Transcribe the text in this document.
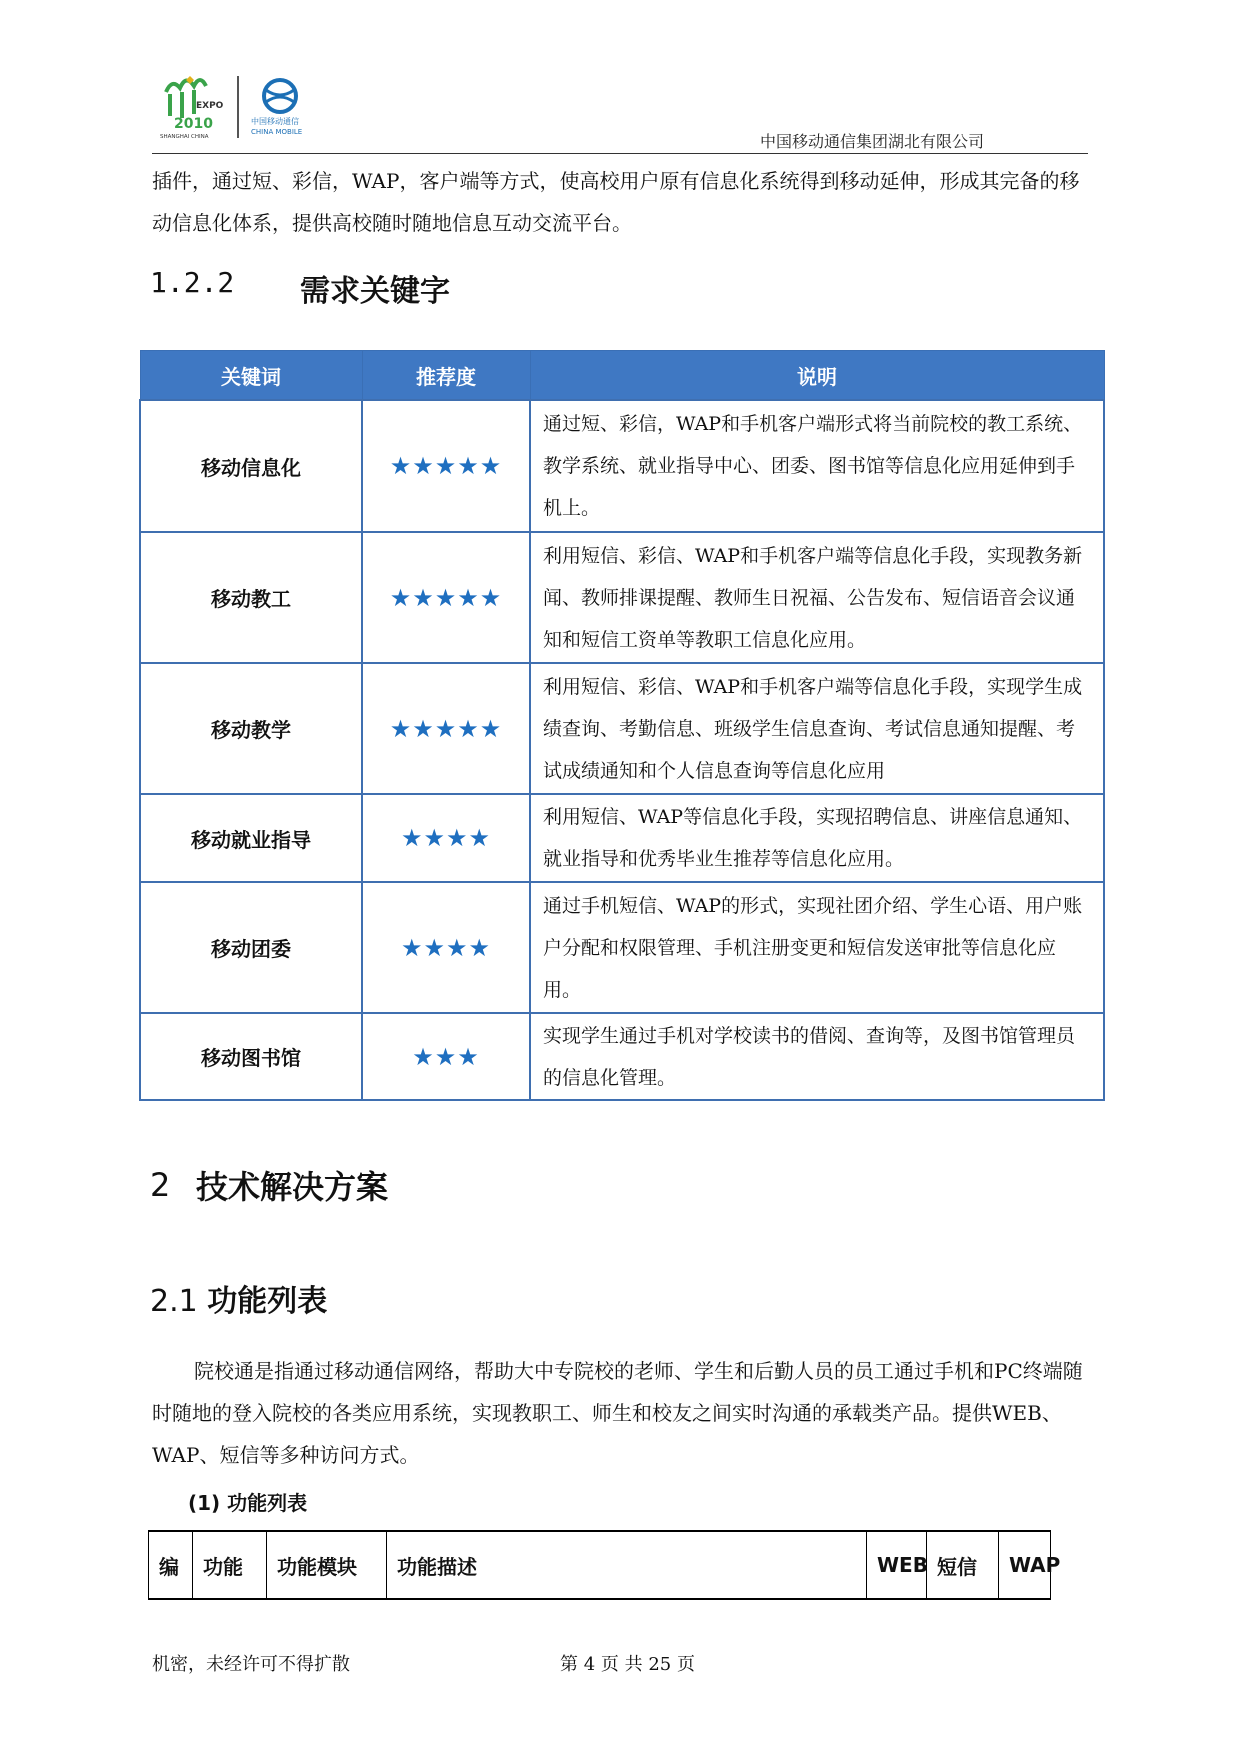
EXPO
2010
SHANGHAI CHINA
中国移动通信
CHINA MOBILE	中国移动通信集团湖北有限公司
插件，通过短、彩信，WAP，客户端等方式，使高校用户原有信息化系统得到移动延伸，形成其完备的移动信息化体系，提供高校随时随地信息互动交流平台。
1.2.2 需求关键字
关键词	推荐度	说明
移动信息化	★★★★★	通过短、彩信，WAP和手机客户端形式将当前院校的教工系统、教学系统、就业指导中心、团委、图书馆等信息化应用延伸到手机上。
移动教工	★★★★★	利用短信、彩信、WAP和手机客户端等信息化手段，实现教务新闻、教师排课提醒、教师生日祝福、公告发布、短信语音会议通知和短信工资单等教职工信息化应用。
移动教学	★★★★★	利用短信、彩信、WAP和手机客户端等信息化手段，实现学生成绩查询、考勤信息、班级学生信息查询、考试信息通知提醒、考试成绩通知和个人信息查询等信息化应用
移动就业指导	★★★★	利用短信、WAP等信息化手段，实现招聘信息、讲座信息通知、就业指导和优秀毕业生推荐等信息化应用。
移动团委	★★★★	通过手机短信、WAP的形式，实现社团介绍、学生心语、用户账户分配和权限管理、手机注册变更和短信发送审批等信息化应用。
移动图书馆	★★★	实现学生通过手机对学校读书的借阅、查询等，及图书馆管理员的信息化管理。
2 技术解决方案
2.1 功能列表
院校通是指通过移动通信网络，帮助大中专院校的老师、学生和后勤人员的员工通过手机和PC终端随时随地的登入院校的各类应用系统，实现教职工、师生和校友之间实时沟通的承载类产品。提供WEB、WAP、短信等多种访问方式。
(1) 功能列表
编	功能	功能模块	功能描述	WEB	短信	WAP
机密，未经许可不得扩散	第 4 页 共 25 页
